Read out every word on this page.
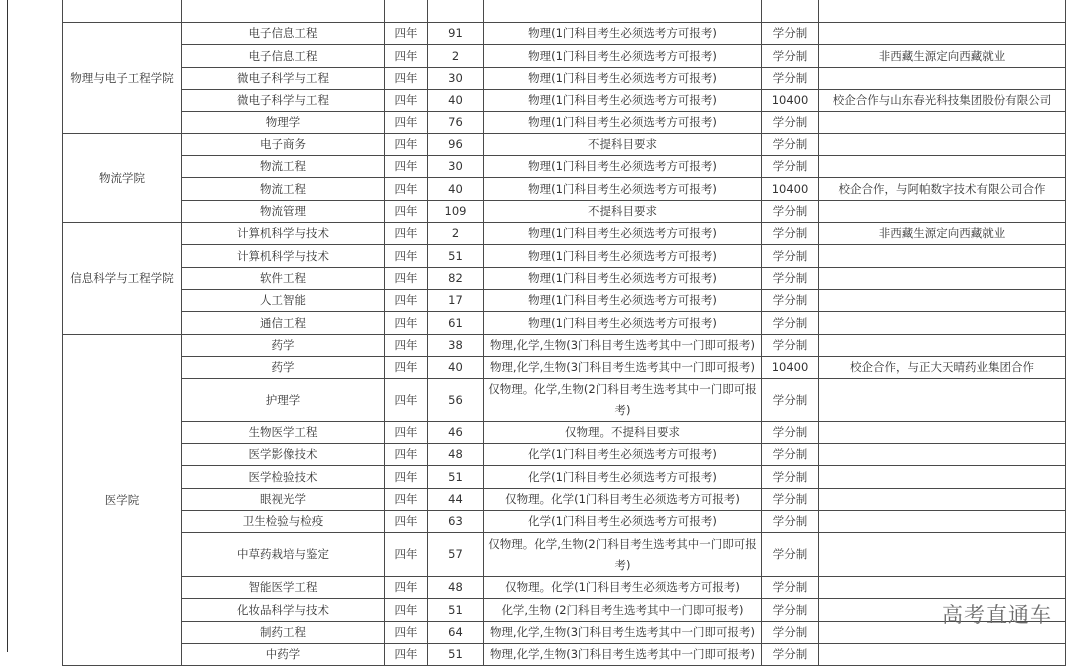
物理与电子工程学院	电子信息工程	四年	91	物理(1门科目考生必须选考方可报考)	学分制	
	电子信息工程	四年	2	物理(1门科目考生必须选考方可报考)	学分制	非西藏生源定向西藏就业
	微电子科学与工程	四年	30	物理(1门科目考生必须选考方可报考)	学分制	
	微电子科学与工程	四年	40	物理(1门科目考生必须选考方可报考)	10400	校企合作与山东春光科技集团股份有限公司
	物理学	四年	76	物理(1门科目考生必须选考方可报考)	学分制	
物流学院	电子商务	四年	96	不提科目要求	学分制	
	物流工程	四年	30	物理(1门科目考生必须选考方可报考)	学分制	
	物流工程	四年	40	物理(1门科目考生必须选考方可报考)	10400	校企合作，与阿帕数字技术有限公司合作
	物流管理	四年	109	不提科目要求	学分制	
信息科学与工程学院	计算机科学与技术	四年	2	物理(1门科目考生必须选考方可报考)	学分制	非西藏生源定向西藏就业
	计算机科学与技术	四年	51	物理(1门科目考生必须选考方可报考)	学分制	
	软件工程	四年	82	物理(1门科目考生必须选考方可报考)	学分制	
	人工智能	四年	17	物理(1门科目考生必须选考方可报考)	学分制	
	通信工程	四年	61	物理(1门科目考生必须选考方可报考)	学分制	
医学院	药学	四年	38	物理,化学,生物(3门科目考生选考其中一门即可报考)	学分制	
	药学	四年	40	物理,化学,生物(3门科目考生选考其中一门即可报考)	10400	校企合作，与正大天晴药业集团合作
	护理学	四年	56	仅物理。化学,生物(2门科目考生选考其中一门即可报考)	学分制	
	生物医学工程	四年	46	仅物理。不提科目要求	学分制	
	医学影像技术	四年	48	化学(1门科目考生必须选考方可报考)	学分制	
	医学检验技术	四年	51	化学(1门科目考生必须选考方可报考)	学分制	
	眼视光学	四年	44	仅物理。化学(1门科目考生必须选考方可报考)	学分制	
	卫生检验与检疫	四年	63	化学(1门科目考生必须选考方可报考)	学分制	
	中草药栽培与鉴定	四年	57	仅物理。化学,生物(2门科目考生选考其中一门即可报考)	学分制	
	智能医学工程	四年	48	仅物理。化学(1门科目考生必须选考方可报考)	学分制	
	化妆品科学与技术	四年	51	化学,生物 (2门科目考生选考其中一门即可报考)	学分制	
	制药工程	四年	64	物理,化学,生物(3门科目考生选考其中一门即可报考)	学分制	
	中药学	四年	51	物理,化学,生物(3门科目考生选考其中一门即可报考)	学分制	
高考直通车
